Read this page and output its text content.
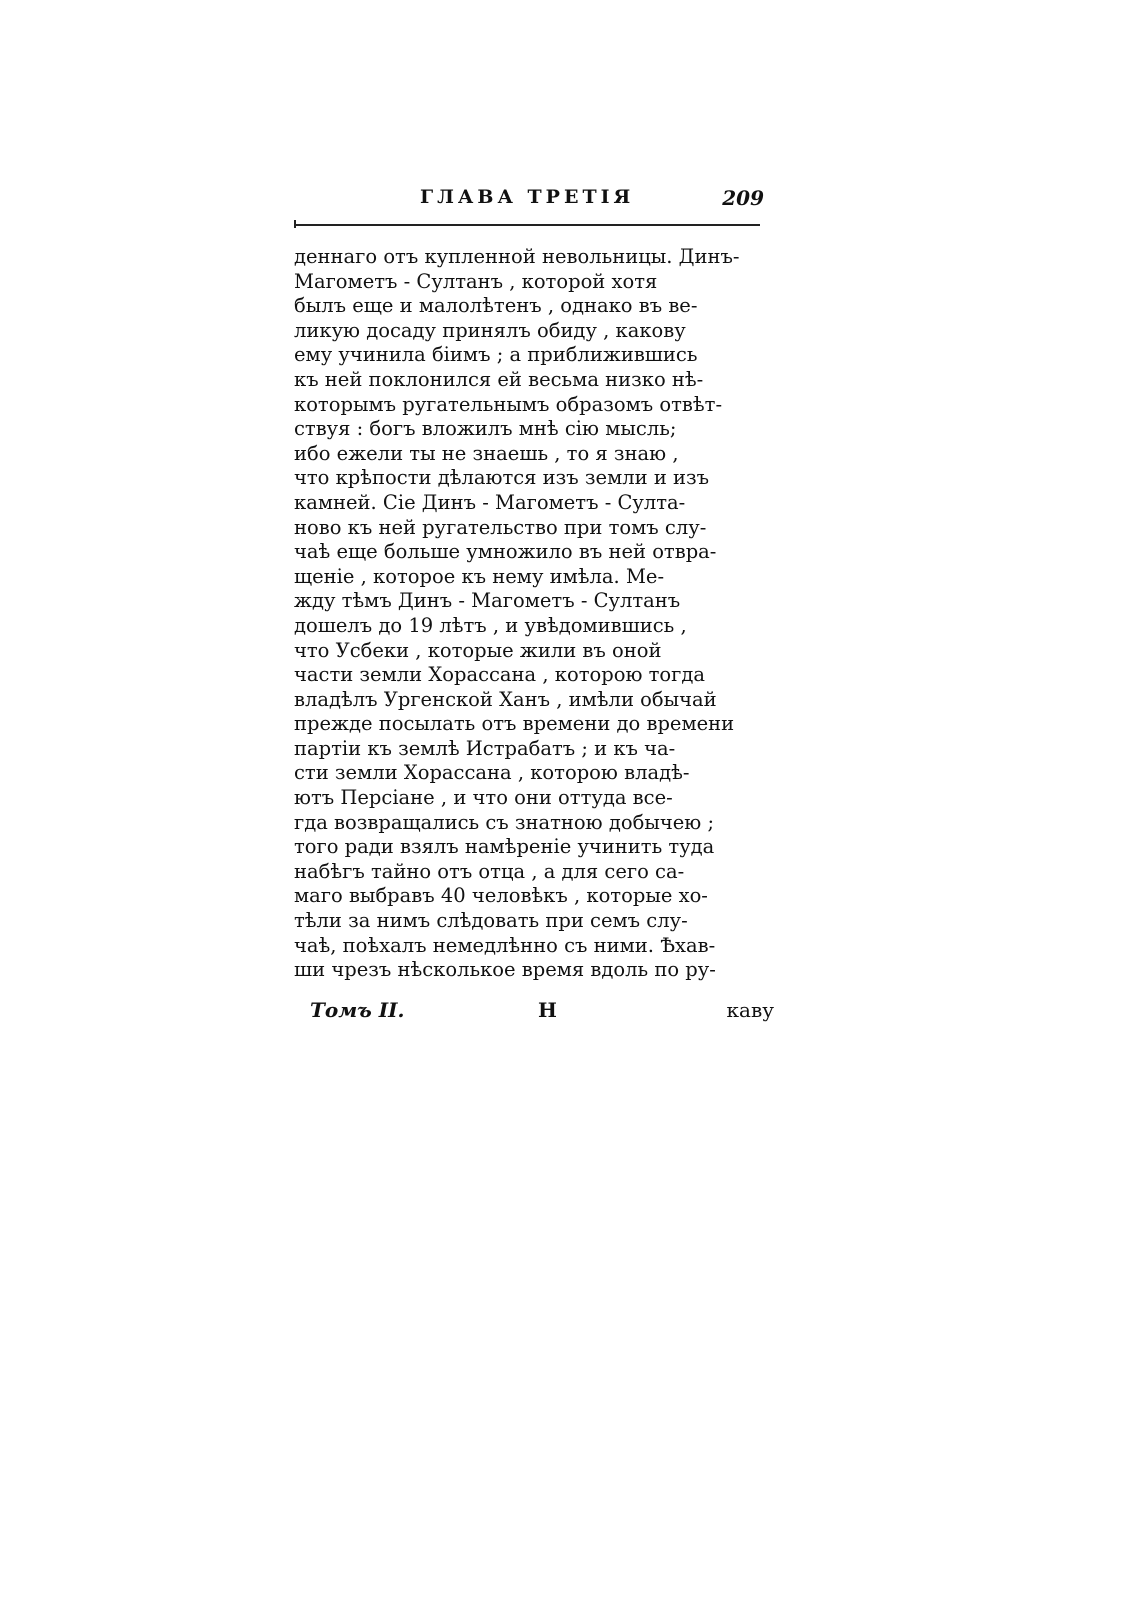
ГЛАВА ТРЕТIЯ	209
деннаго отъ купленной невольницы. Динъ-
Магометъ - Султанъ , которой хотя
былъ еще и малолѣтенъ , однако въ ве-
ликую досаду принялъ обиду , какову
ему учинила бiимъ ; а приближившись
къ ней поклонился ей весьма низко нѣ-
которымъ ругательнымъ образомъ отвѣт-
ствуя : богъ вложилъ мнѣ сiю мысль;
ибо ежели ты не знаешь , то я знаю ,
что крѣпости дѣлаются изъ земли и изъ
камней. Сiе Динъ - Магометъ - Султа-
ново къ ней ругательство при томъ слу-
чаѣ еще больше умножило въ ней отвра-
щенiе , которое къ нему имѣла. Ме-
жду тѣмъ Динъ - Магометъ - Султанъ
дошелъ до 19 лѣтъ , и увѣдомившись ,
что Усбеки , которые жили въ оной
части земли Хорассана , которою тогда
владѣлъ Ургенской Ханъ , имѣли обычай
прежде посылать отъ времени до времени
партiи къ землѣ Истрабатъ ; и къ ча-
сти земли Хорассана , которою владѣ-
ютъ Персiане , и что они оттуда все-
гда возвращались съ знатною добычею ;
того ради взялъ намѣренiе учинить туда
набѣгъ тайно отъ отца , а для сего са-
маго выбравъ 40 человѣкъ , которые хо-
тѣли за нимъ слѣдовать при семъ слу-
чаѣ, поѣхалъ немедлѣнно съ ними. Ѣхав-
ши чрезъ нѣсколькое время вдоль по ру-
Томъ II.	Н	каву
